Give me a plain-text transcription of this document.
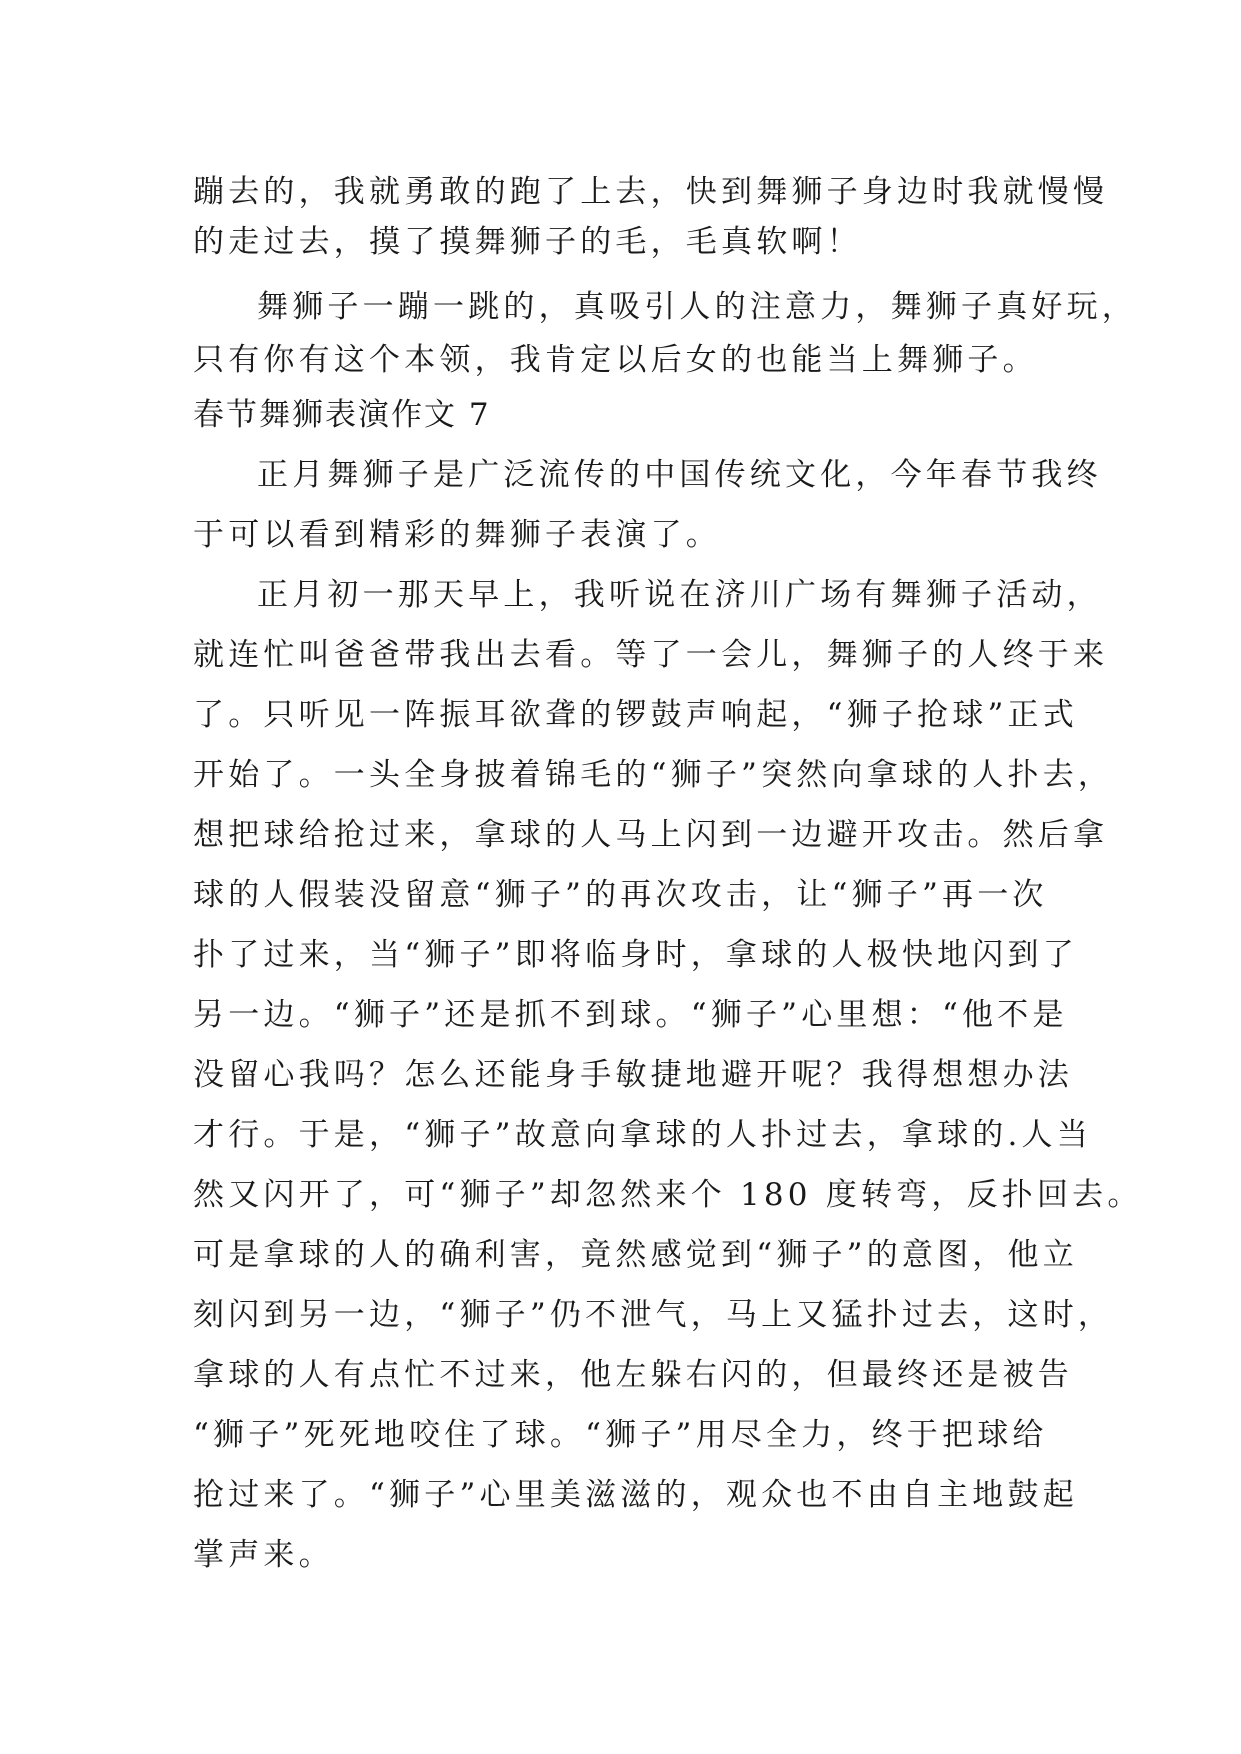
蹦去的，我就勇敢的跑了上去，快到舞狮子身边时我就慢慢
的走过去，摸了摸舞狮子的毛，毛真软啊！
舞狮子一蹦一跳的，真吸引人的注意力，舞狮子真好玩，
只有你有这个本领，我肯定以后女的也能当上舞狮子。
春节舞狮表演作文 7
正月舞狮子是广泛流传的中国传统文化，今年春节我终
于可以看到精彩的舞狮子表演了。
正月初一那天早上，我听说在济川广场有舞狮子活动，
就连忙叫爸爸带我出去看。等了一会儿，舞狮子的人终于来
了。只听见一阵振耳欲聋的锣鼓声响起，“狮子抢球”正式
开始了。一头全身披着锦毛的“狮子”突然向拿球的人扑去，
想把球给抢过来，拿球的人马上闪到一边避开攻击。然后拿
球的人假装没留意“狮子”的再次攻击，让“狮子”再一次
扑了过来，当“狮子”即将临身时，拿球的人极快地闪到了
另一边。“狮子”还是抓不到球。“狮子”心里想：“他不是
没留心我吗？怎么还能身手敏捷地避开呢？我得想想办法
才行。于是，“狮子”故意向拿球的人扑过去，拿球的.人当
然又闪开了，可“狮子”却忽然来个 180 度转弯，反扑回去。
可是拿球的人的确利害，竟然感觉到“狮子”的意图，他立
刻闪到另一边，“狮子”仍不泄气，马上又猛扑过去，这时，
拿球的人有点忙不过来，他左躲右闪的，但最终还是被告
“狮子”死死地咬住了球。“狮子”用尽全力，终于把球给
抢过来了。“狮子”心里美滋滋的，观众也不由自主地鼓起
掌声来。
